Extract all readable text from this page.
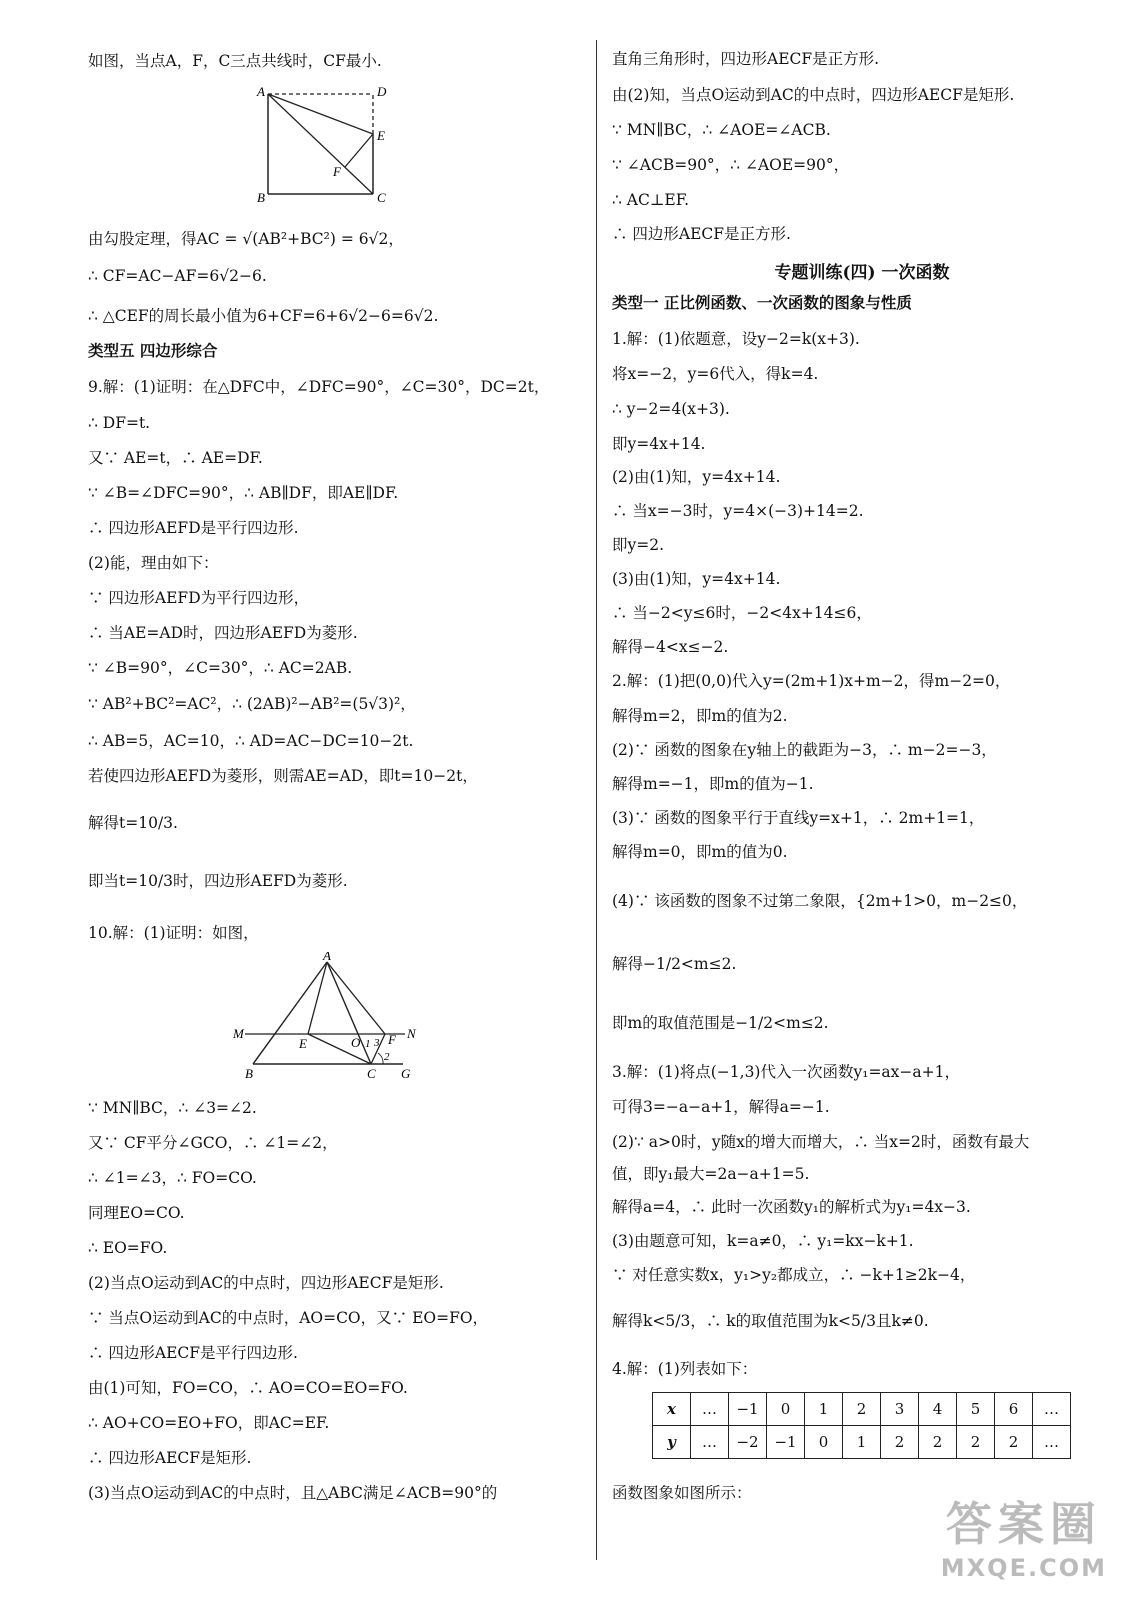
如图，当点A，F，C三点共线时，CF最小.
A	D
E
F
B	C
由勾股定理，得AC = √(AB²+BC²) = 6√2，
∴ CF=AC−AF=6√2−6.
∴ △CEF的周长最小值为6+CF=6+6√2−6=6√2.
类型五 四边形综合
9.解：(1)证明：在△DFC中，∠DFC=90°，∠C=30°，DC=2t，
∴ DF=t.
又∵ AE=t，∴ AE=DF.
∵ ∠B=∠DFC=90°，∴ AB∥DF，即AE∥DF.
∴ 四边形AEFD是平行四边形.
(2)能，理由如下：
∵ 四边形AEFD为平行四边形，
∴ 当AE=AD时，四边形AEFD为菱形.
∵ ∠B=90°，∠C=30°，∴ AC=2AB.
∵ AB²+BC²=AC²，∴ (2AB)²−AB²=(5√3)²，
∴ AB=5，AC=10，∴ AD=AC−DC=10−2t.
若使四边形AEFD为菱形，则需AE=AD，即t=10−2t，
解得t=10/3.
即当t=10/3时，四边形AEFD为菱形.
10.解：(1)证明：如图，
A
M
E	O 1 3 F N
2
B	C G
∵ MN∥BC，∴ ∠3=∠2.
又∵ CF平分∠GCO，∴ ∠1=∠2，
∴ ∠1=∠3，∴ FO=CO.
同理EO=CO.
∴ EO=FO.
(2)当点O运动到AC的中点时，四边形AECF是矩形.
∵ 当点O运动到AC的中点时，AO=CO，又∵ EO=FO，
∴ 四边形AECF是平行四边形.
由(1)可知，FO=CO，∴ AO=CO=EO=FO.
∴ AO+CO=EO+FO，即AC=EF.
∴ 四边形AECF是矩形.
(3)当点O运动到AC的中点时，且△ABC满足∠ACB=90°的
直角三角形时，四边形AECF是正方形.
由(2)知，当点O运动到AC的中点时，四边形AECF是矩形.
∵ MN∥BC，∴ ∠AOE=∠ACB.
∵ ∠ACB=90°，∴ ∠AOE=90°，
∴ AC⊥EF.
∴ 四边形AECF是正方形.
专题训练(四) 一次函数
类型一 正比例函数、一次函数的图象与性质
1.解：(1)依题意，设y−2=k(x+3).
将x=−2，y=6代入，得k=4.
∴ y−2=4(x+3).
即y=4x+14.
(2)由(1)知，y=4x+14.
∴ 当x=−3时，y=4×(−3)+14=2.
即y=2.
(3)由(1)知，y=4x+14.
∴ 当−2<y≤6时，−2<4x+14≤6，
解得−4<x≤−2.
2.解：(1)把(0,0)代入y=(2m+1)x+m−2，得m−2=0，
解得m=2，即m的值为2.
(2)∵ 函数的图象在y轴上的截距为−3，∴ m−2=−3，
解得m=−1，即m的值为−1.
(3)∵ 函数的图象平行于直线y=x+1，∴ 2m+1=1，
解得m=0，即m的值为0.
(4)∵ 该函数的图象不过第二象限，{2m+1>0，m−2≤0，
解得−1/2<m≤2.
即m的取值范围是−1/2<m≤2.
3.解：(1)将点(−1,3)代入一次函数y₁=ax−a+1，
可得3=−a−a+1，解得a=−1.
(2)∵ a>0时，y随x的增大而增大，∴ 当x=2时，函数有最大
值，即y₁最大=2a−a+1=5.
解得a=4，∴ 此时一次函数y₁的解析式为y₁=4x−3.
(3)由题意可知，k=a≠0，∴ y₁=kx−k+1.
∵ 对任意实数x，y₁>y₂都成立，∴ −k+1≥2k−4，
解得k<5/3，∴ k的取值范围为k<5/3且k≠0.
4.解：(1)列表如下：
x	…	−1	0	1	2	3	4	5	6	…
y	…	−2	−1	0	1	2	2	2	2	…
函数图象如图所示：
答案圈
MXQE.COM
